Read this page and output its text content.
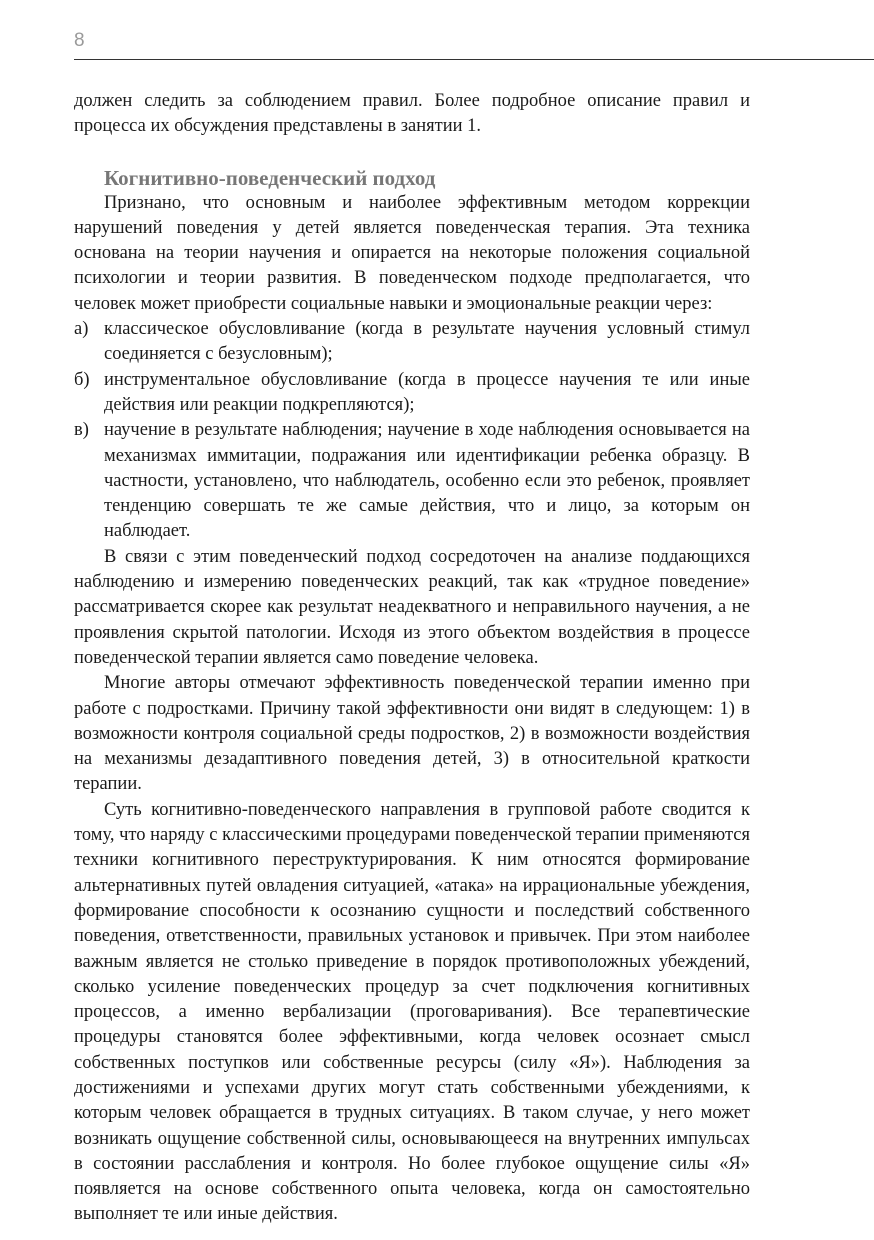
8

должен следить за соблюдением правил. Более подробное описание правил и процесса их обсуждения представлены в занятии 1.

Когнитивно-поведенческий подход

Признано, что основным и наиболее эффективным методом коррекции нарушений поведения у детей является поведенческая терапия. Эта техника основана на теории научения и опирается на некоторые положения социальной психологии и теории развития. В поведенческом подходе предполагается, что человек может приобрести социальные навыки и эмоциональные реакции через:

а) классическое обусловливание (когда в результате научения условный стимул соединяется с безусловным);
б) инструментальное обусловливание (когда в процессе научения те или иные действия или реакции подкрепляются);
в) научение в результате наблюдения; научение в ходе наблюдения основывается на механизмах иммитации, подражания или идентификации ребенка образцу. В частности, установлено, что наблюдатель, особенно если это ребенок, проявляет тенденцию совершать те же самые действия, что и лицо, за которым он наблюдает.

В связи с этим поведенческий подход сосредоточен на анализе поддающихся наблюдению и измерению поведенческих реакций, так как «трудное поведение» рассматривается скорее как результат неадекватного и неправильного научения, а не проявления скрытой патологии. Исходя из этого объектом воздействия в процессе поведенческой терапии является само поведение человека.

Многие авторы отмечают эффективность поведенческой терапии именно при работе с подростками. Причину такой эффективности они видят в следующем: 1) в возможности контроля социальной среды подростков, 2) в возможности воздействия на механизмы дезадаптивного поведения детей, 3) в относительной краткости терапии.

Суть когнитивно-поведенческого направления в групповой работе сводится к тому, что наряду с классическими процедурами поведенческой терапии применяются техники когнитивного переструктурирования. К ним относятся формирование альтернативных путей овладения ситуацией, «атака» на иррациональные убеждения, формирование способности к осознанию сущности и последствий собственного поведения, ответственности, правильных установок и привычек. При этом наиболее важным является не столько приведение в порядок противоположных убеждений, сколько усиление поведенческих процедур за счет подключения когнитивных процессов, а именно вербализации (проговаривания). Все терапевтические процедуры становятся более эффективными, когда человек осознает смысл собственных поступков или собственные ресурсы (силу «Я»). Наблюдения за достижениями и успехами других могут стать собственными убеждениями, к которым человек обращается в трудных ситуациях. В таком случае, у него может возникать ощущение собственной силы, основывающееся на внутренних импульсах в состоянии расслабления и контроля. Но более глубокое ощущение силы «Я» появляется на основе собственного опыта человека, когда он самостоятельно выполняет те или иные действия.
